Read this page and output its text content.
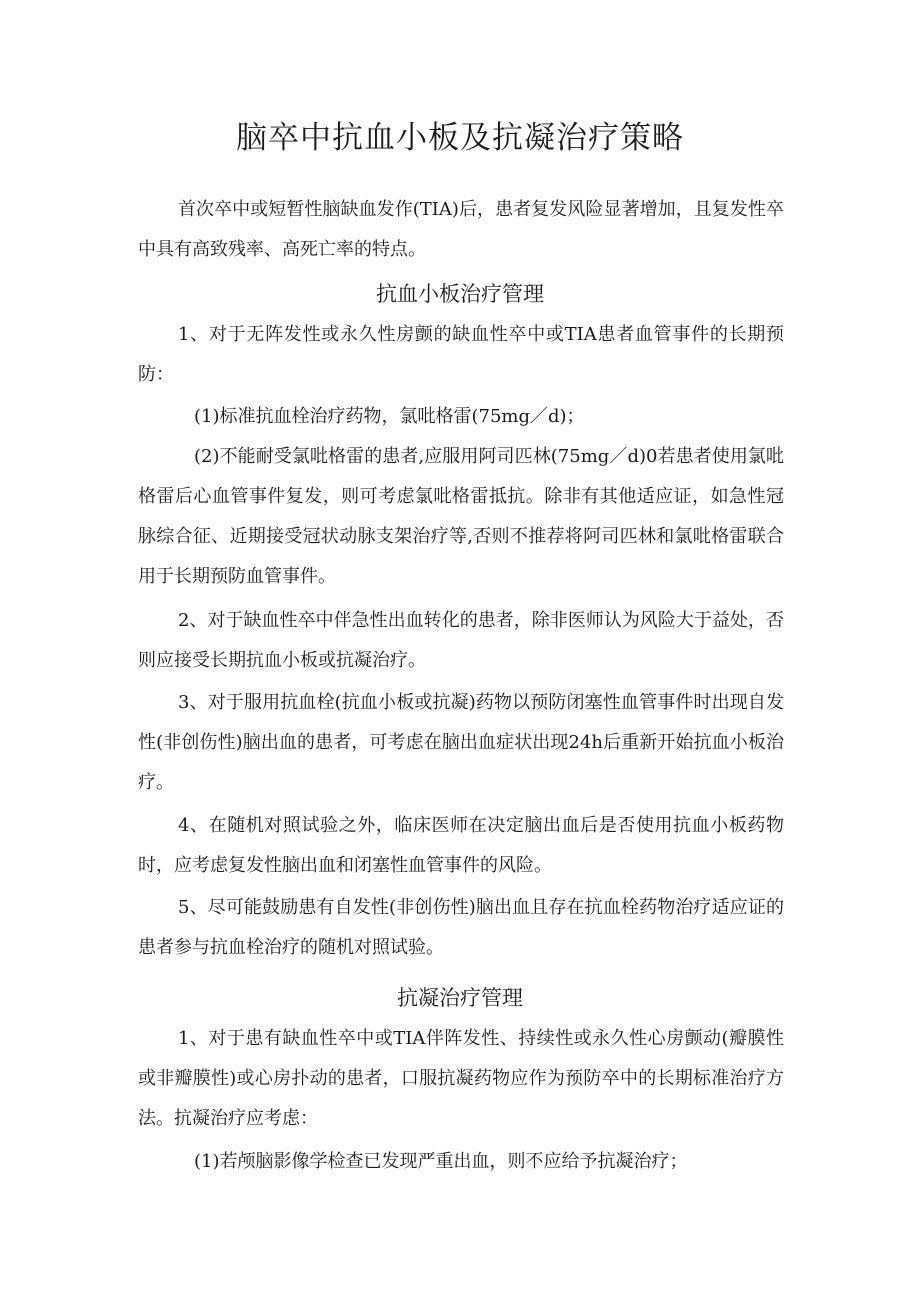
脑卒中抗血小板及抗凝治疗策略

首次卒中或短暂性脑缺血发作(TIA)后，患者复发风险显著增加，且复发性卒中具有高致残率、高死亡率的特点。

抗血小板治疗管理

1、对于无阵发性或永久性房颤的缺血性卒中或TIA患者血管事件的长期预防：

(1)标准抗血栓治疗药物，氯吡格雷(75mg／d)；

(2)不能耐受氯吡格雷的患者,应服用阿司匹林(75mg／d)0若患者使用氯吡格雷后心血管事件复发，则可考虑氯吡格雷抵抗。除非有其他适应证，如急性冠脉综合征、近期接受冠状动脉支架治疗等,否则不推荐将阿司匹林和氯吡格雷联合用于长期预防血管事件。

2、对于缺血性卒中伴急性出血转化的患者，除非医师认为风险大于益处，否则应接受长期抗血小板或抗凝治疗。

3、对于服用抗血栓(抗血小板或抗凝)药物以预防闭塞性血管事件时出现自发性(非创伤性)脑出血的患者，可考虑在脑出血症状出现24h后重新开始抗血小板治疗。

4、在随机对照试验之外，临床医师在决定脑出血后是否使用抗血小板药物时，应考虑复发性脑出血和闭塞性血管事件的风险。

5、尽可能鼓励患有自发性(非创伤性)脑出血且存在抗血栓药物治疗适应证的患者参与抗血栓治疗的随机对照试验。

抗凝治疗管理

1、对于患有缺血性卒中或TIA伴阵发性、持续性或永久性心房颤动(瓣膜性或非瓣膜性)或心房扑动的患者，口服抗凝药物应作为预防卒中的长期标准治疗方法。抗凝治疗应考虑：

(1)若颅脑影像学检查已发现严重出血，则不应给予抗凝治疗；
